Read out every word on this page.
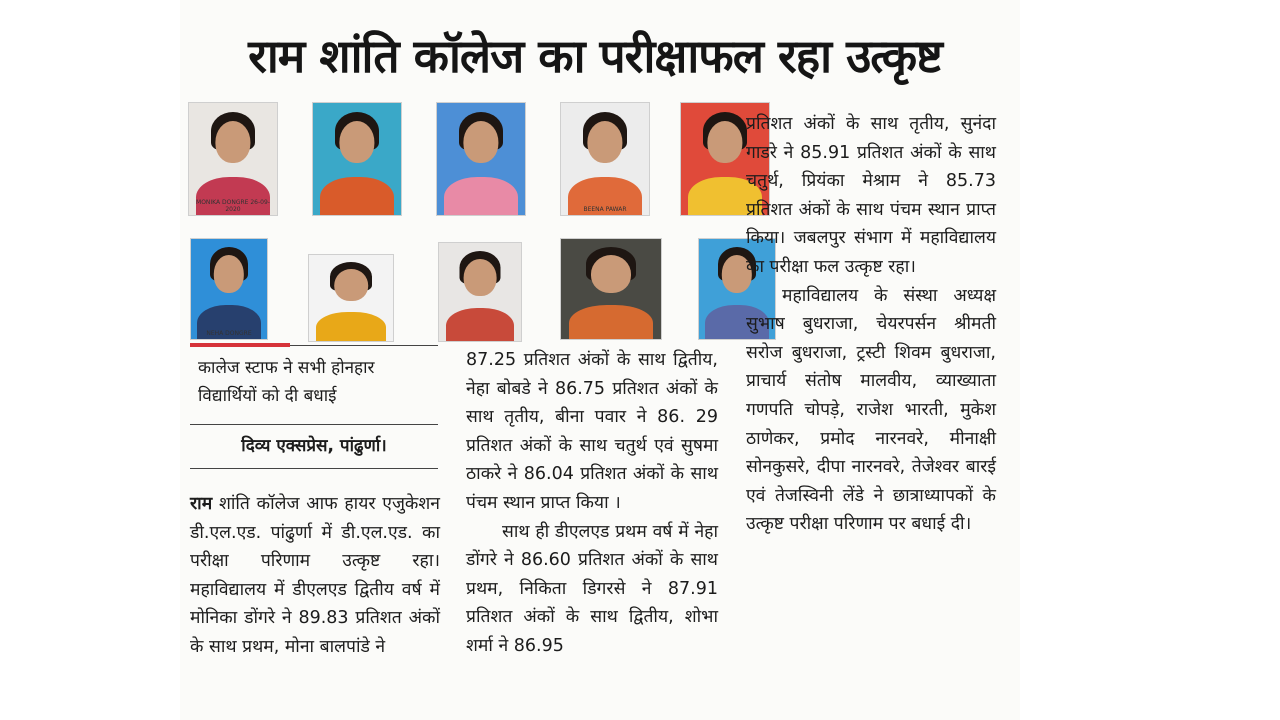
राम शांति कॉलेज का परीक्षाफल रहा उत्कृष्ट
MONIKA DONGRE 26-09-2020	BEENA PAWAR
NEHA DONGRE
कालेज स्टाफ ने सभी होनहार
विद्यार्थियों को दी बधाई
दिव्य एक्सप्रेस, पांढुर्णा।

राम शांति कॉलेज आफ हायर एजुकेशन डी.एल.एड. पांढुर्णा में डी.एल.एड. का परीक्षा परिणाम उत्कृष्ट रहा। महाविद्यालय में डीएलएड द्वितीय वर्ष में मोनिका डोंगरे ने 89.83 प्रतिशत अंकों के साथ प्रथम, मोना बालपांडे ने

87.25 प्रतिशत अंकों के साथ द्वितीय, नेहा बोबडे ने 86.75 प्रतिशत अंकों के साथ तृतीय, बीना पवार ने 86. 29 प्रतिशत अंकों के साथ चतुर्थ एवं सुषमा ठाकरे ने 86.04 प्रतिशत अंकों के साथ पंचम स्थान प्राप्त किया ।

साथ ही डीएलएड प्रथम वर्ष में नेहा डोंगरे ने 86.60 प्रतिशत अंकों के साथ प्रथम, निकिता डिगरसे ने 87.91 प्रतिशत अंकों के साथ द्वितीय, शोभा शर्मा ने 86.95

प्रतिशत अंकों के साथ तृतीय, सुनंदा गाडरे ने 85.91 प्रतिशत अंकों के साथ चतुर्थ, प्रियंका मेश्राम ने 85.73 प्रतिशत अंकों के साथ पंचम स्थान प्राप्त किया। जबलपुर संभाग में महाविद्यालय का परीक्षा फल उत्कृष्ट रहा।

महाविद्यालय के संस्था अध्यक्ष सुभाष बुधराजा, चेयरपर्सन श्रीमती सरोज बुधराजा, ट्रस्टी शिवम बुधराजा, प्राचार्य संतोष मालवीय, व्याख्याता गणपति चोपड़े, राजेश भारती, मुकेश ठाणेकर, प्रमोद नारनवरे, मीनाक्षी सोनकुसरे, दीपा नारनवरे, तेजेश्वर बारई एवं तेजस्विनी लेंडे ने छात्राध्यापकों के उत्कृष्ट परीक्षा परिणाम पर बधाई दी।
